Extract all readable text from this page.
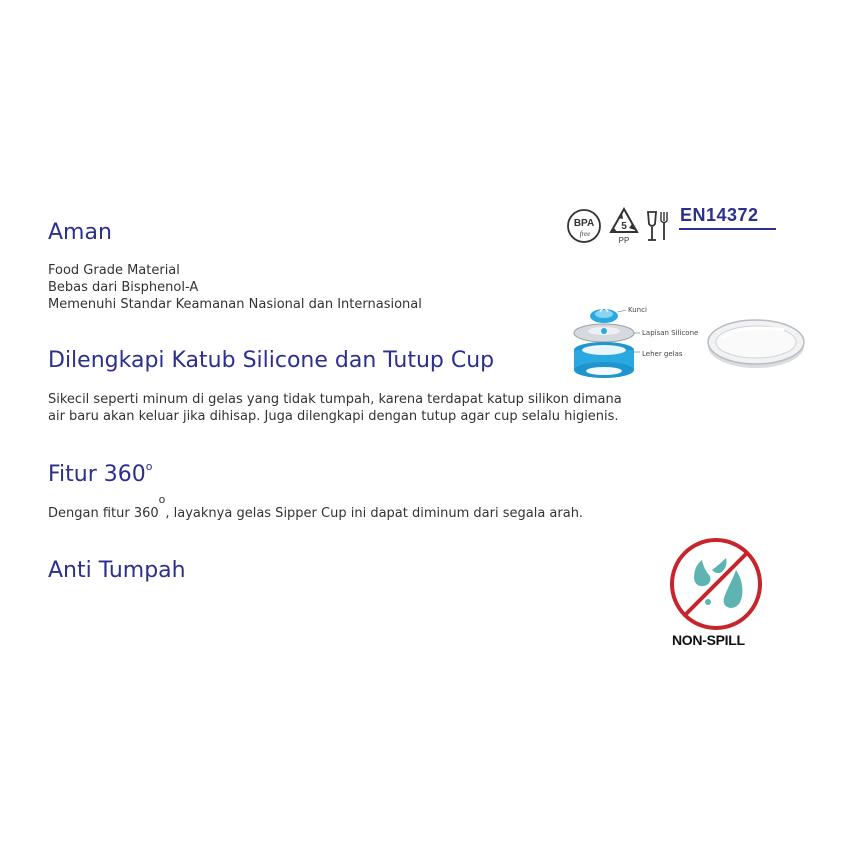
BPA
free
5
PP
EN14372
Aman

Food Grade Material

Bebas dari Bisphenol-A

Memenuhi Standar Keamanan Nasional dan Internasional	Kunci
Lapisan Silicone
Leher gelas
Dilengkapi Katub Silicone dan Tutup Cup

Sikecil seperti minum di gelas yang tidak tumpah, karena terdapat katup silikon dimana

air baru akan keluar jika dihisap. Juga dilengkapi dengan tutup agar cup selalu higienis.

Fitur 360$^o$

Dengan fitur 360$^o$, layaknya gelas Sipper Cup ini dapat diminum dari segala arah.

Anti Tumpah
NON-SPILL
